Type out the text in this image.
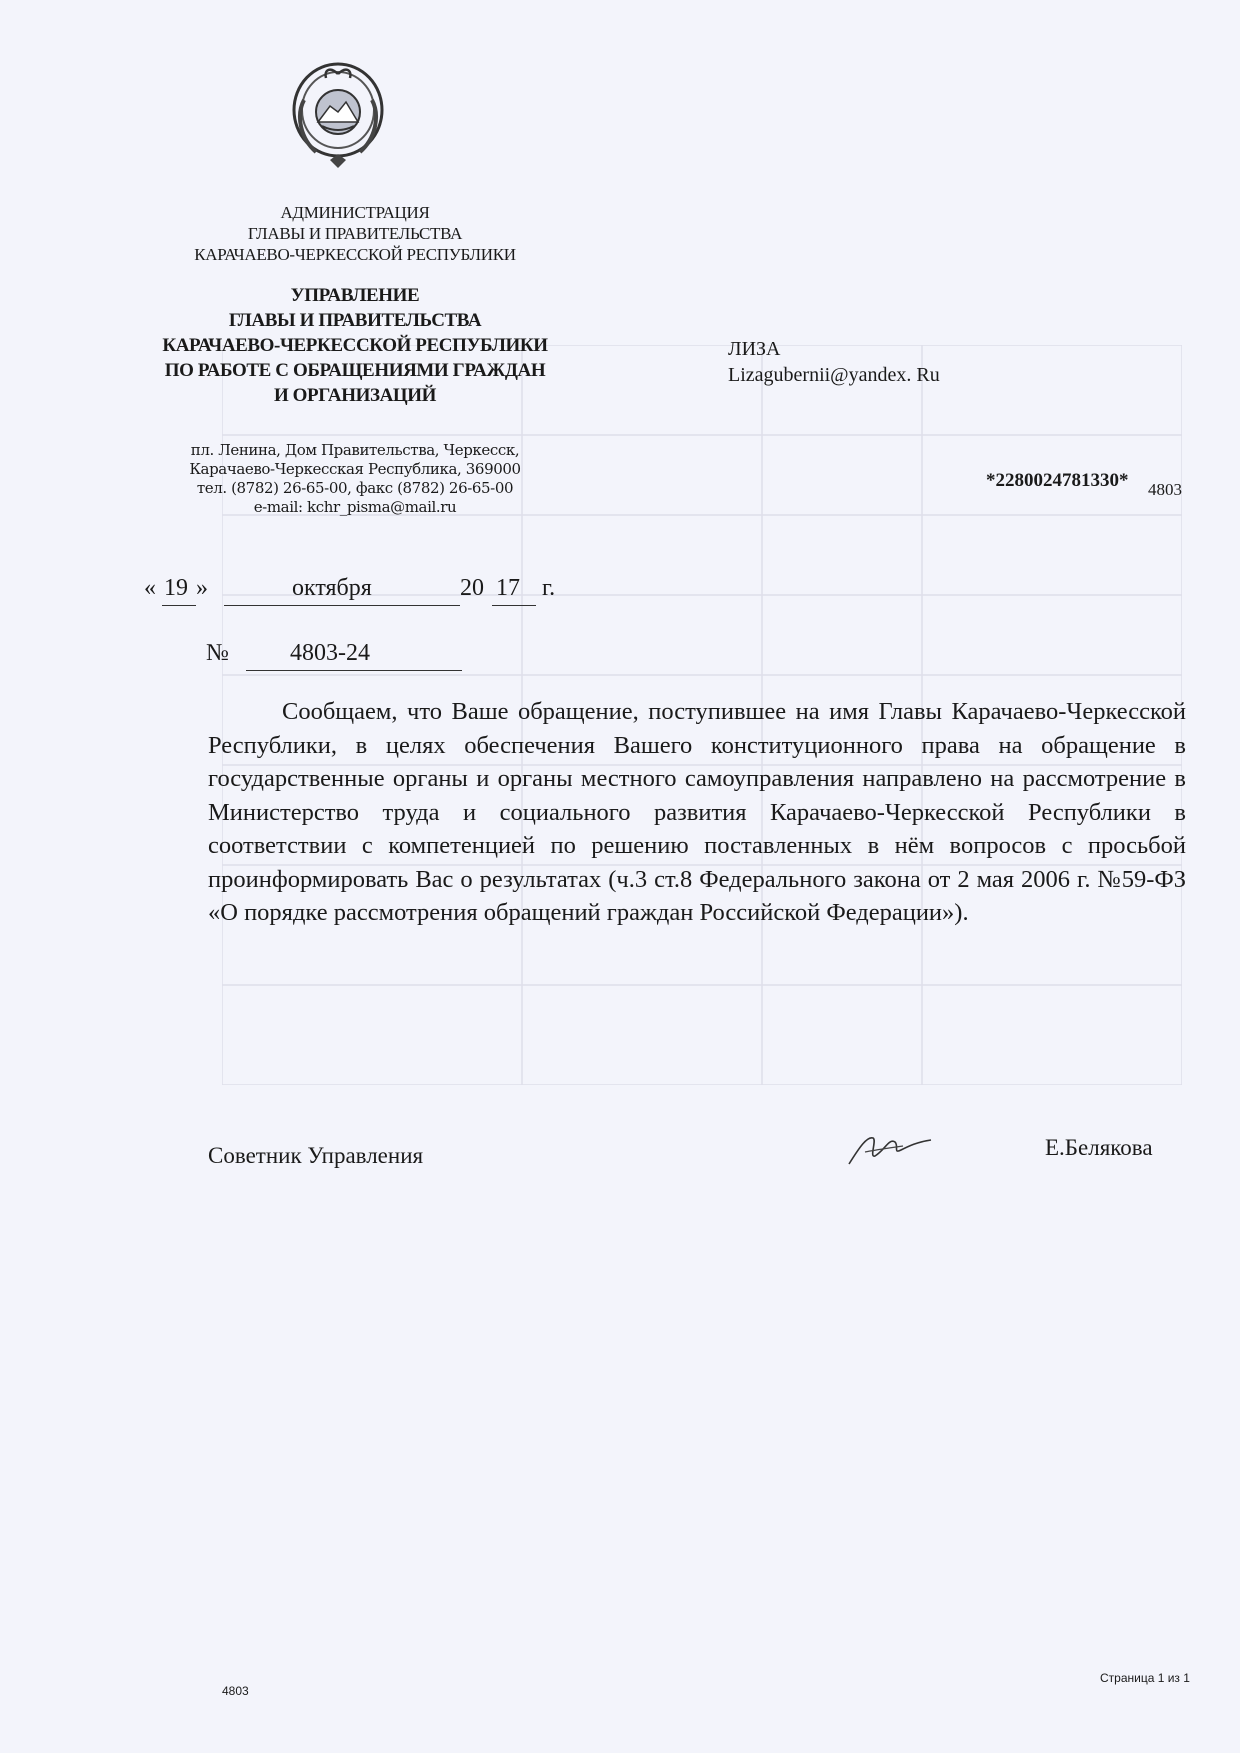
АДМИНИСТРАЦИЯ
ГЛАВЫ И ПРАВИТЕЛЬСТВА
КАРАЧАЕВО-ЧЕРКЕССКОЙ РЕСПУБЛИКИ
УПРАВЛЕНИЕ
ГЛАВЫ И ПРАВИТЕЛЬСТВА
КАРАЧАЕВО-ЧЕРКЕССКОЙ РЕСПУБЛИКИ
ПО РАБОТЕ С ОБРАЩЕНИЯМИ ГРАЖДАН
И ОРГАНИЗАЦИЙ
пл. Ленина, Дом Правительства, Черкесск,
Карачаево-Черкесская Республика, 369000
тел. (8782) 26-65-00, факс (8782) 26-65-00
e-mail: kchr_pisma@mail.ru
ЛИЗА
Lizagubernii@yandex. Ru
*2280024781330* 4803
« 19 »	октября	20 17 г.
№	4803-24
Сообщаем, что Ваше обращение, поступившее на имя Главы Карачаево-Черкесской Республики, в целях обеспечения Вашего конституционного права на обращение в государственные органы и органы местного самоуправления направлено на рассмотрение в Министерство труда и социального развития Карачаево-Черкесской Республики в соответствии с компетенцией по решению поставленных в нём вопросов с просьбой проинформировать Вас о результатах (ч.3 ст.8 Федерального закона от 2 мая 2006 г. №59-ФЗ «О порядке рассмотрения обращений граждан Российской Федерации»).
Советник Управления	Е.Белякова
4803
Страница 1 из 1
